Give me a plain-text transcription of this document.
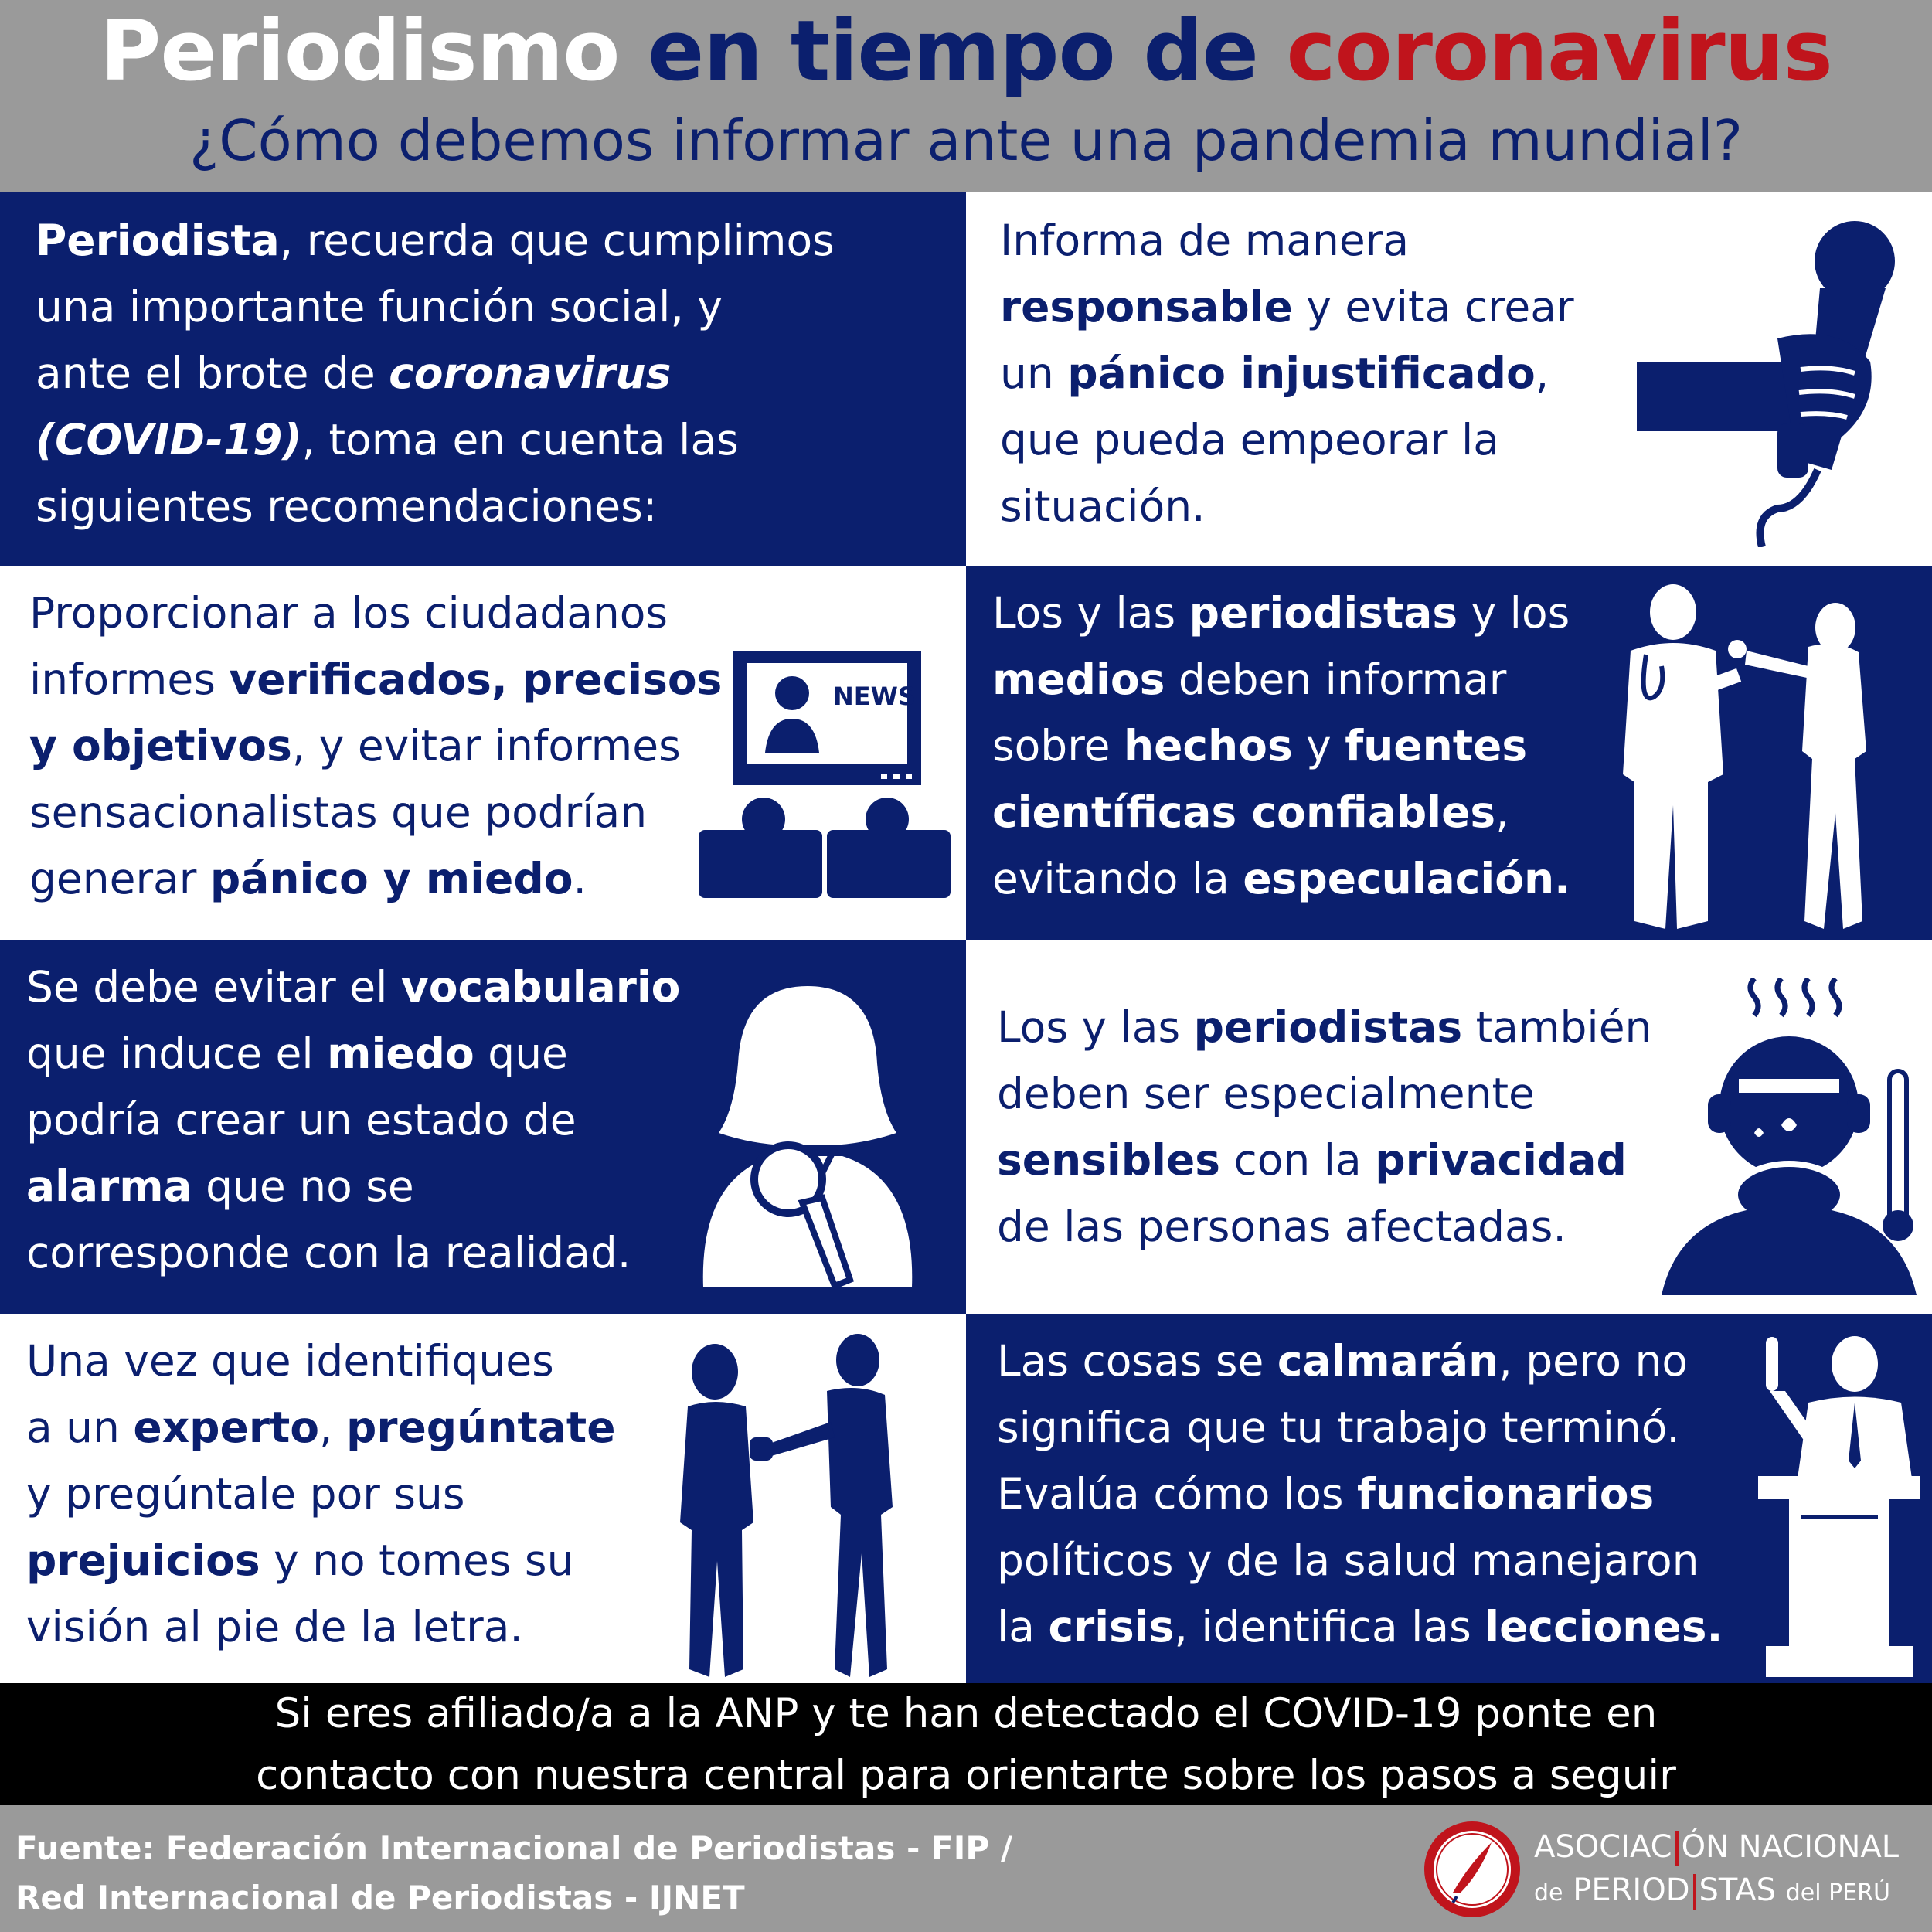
Periodismo en tiempo de coronavirus
¿Cómo debemos informar ante una pandemia mundial?
Periodista, recuerda que cumplimos
una importante función social, y
ante el brote de coronavirus
(COVID-19), toma en cuenta las
siguientes recomendaciones:
Informa de manera
responsable y evita crear
un pánico injustificado,
que pueda empeorar la
situación.
Proporcionar a los ciudadanos
informes verificados, precisos
y objetivos, y evitar informes
sensacionalistas que podrían
generar pánico y miedo.
NEWS
Los y las periodistas y los
medios deben informar
sobre hechos y fuentes
científicas confiables,
evitando la especulación.
Se debe evitar el vocabulario
que induce el miedo que
podría crear un estado de
alarma que no se
corresponde con la realidad.
Los y las periodistas también
deben ser especialmente
sensibles con la privacidad
de las personas afectadas.
Una vez que identifiques
a un experto, pregúntate
y pregúntale por sus
prejuicios y no tomes su
visión al pie de la letra.
Las cosas se calmarán, pero no
significa que tu trabajo terminó.
Evalúa cómo los funcionarios
políticos y de la salud manejaron
la crisis, identifica las lecciones.
Si eres afiliado/a a la ANP y te han detectado el COVID-19 ponte en
contacto con nuestra central para orientarte sobre los pasos a seguir
Fuente: Federación Internacional de Periodistas - FIP /
Red Internacional de Periodistas - IJNET
ASOCIAC ÓN NACIONAL
de PERIOD STAS del PERÚ
